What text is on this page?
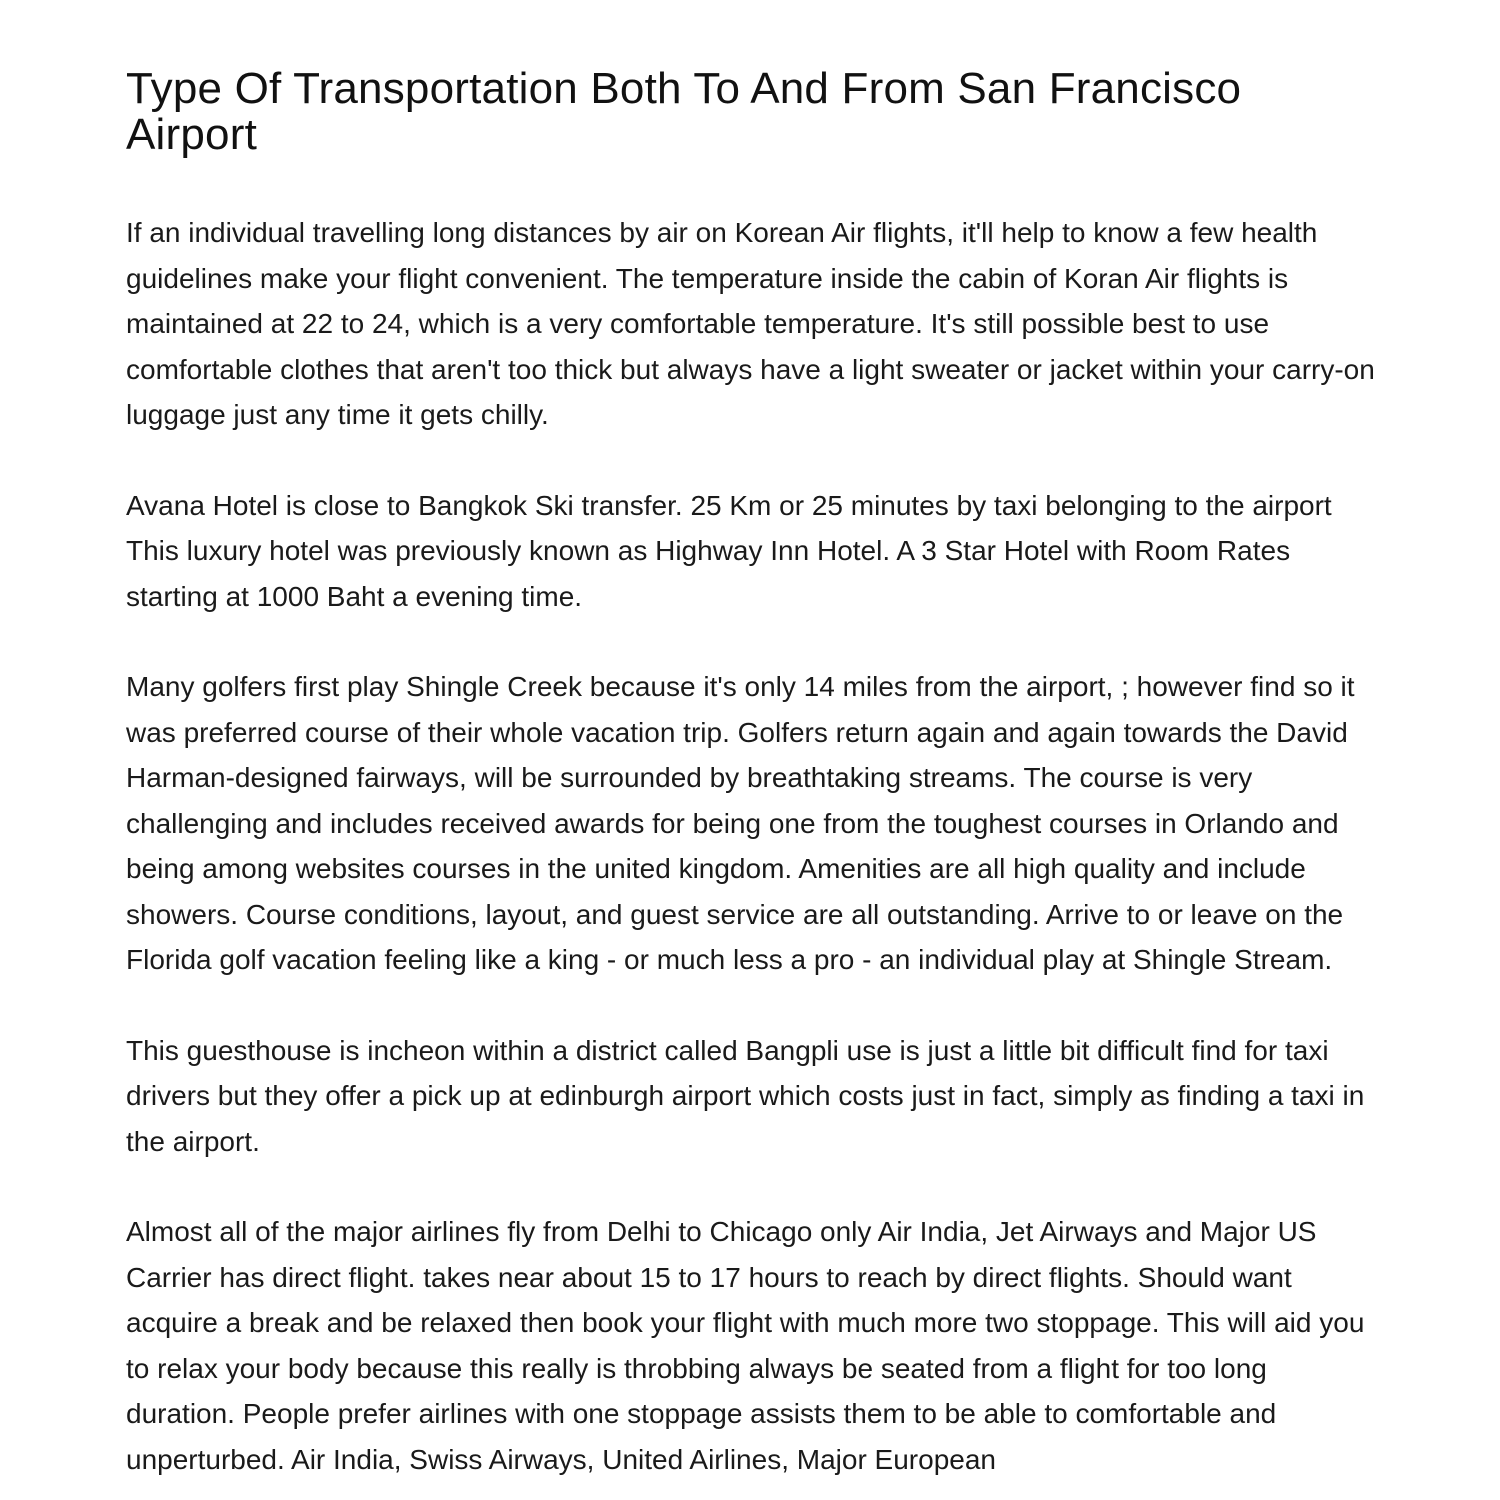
Type Of Transportation Both To And From San Francisco Airport

If an individual travelling long distances by air on Korean Air flights, it'll help to know a few health guidelines make your flight convenient. The temperature inside the cabin of Koran Air flights is maintained at 22 to 24, which is a very comfortable temperature. It's still possible best to use comfortable clothes that aren't too thick but always have a light sweater or jacket within your carry-on luggage just any time it gets chilly.

Avana Hotel is close to Bangkok Ski transfer. 25 Km or 25 minutes by taxi belonging to the airport This luxury hotel was previously known as Highway Inn Hotel. A 3 Star Hotel with Room Rates starting at 1000 Baht a evening time.

Many golfers first play Shingle Creek because it's only 14 miles from the airport, ; however find so it was preferred course of their whole vacation trip. Golfers return again and again towards the David Harman-designed fairways, will be surrounded by breathtaking streams. The course is very challenging and includes received awards for being one from the toughest courses in Orlando and being among websites courses in the united kingdom. Amenities are all high quality and include showers. Course conditions, layout, and guest service are all outstanding. Arrive to or leave on the Florida golf vacation feeling like a king - or much less a pro - an individual play at Shingle Stream.

This guesthouse is incheon within a district called Bangpli use is just a little bit difficult find for taxi drivers but they offer a pick up at edinburgh airport which costs just in fact, simply as finding a taxi in the airport.

Almost all of the major airlines fly from Delhi to Chicago only Air India, Jet Airways and Major US Carrier has direct flight. takes near about 15 to 17 hours to reach by direct flights. Should want acquire a break and be relaxed then book your flight with much more two stoppage. This will aid you to relax your body because this really is throbbing always be seated from a flight for too long duration. People prefer airlines with one stoppage assists them to be able to comfortable and unperturbed. Air India, Swiss Airways, United Airlines, Major European
